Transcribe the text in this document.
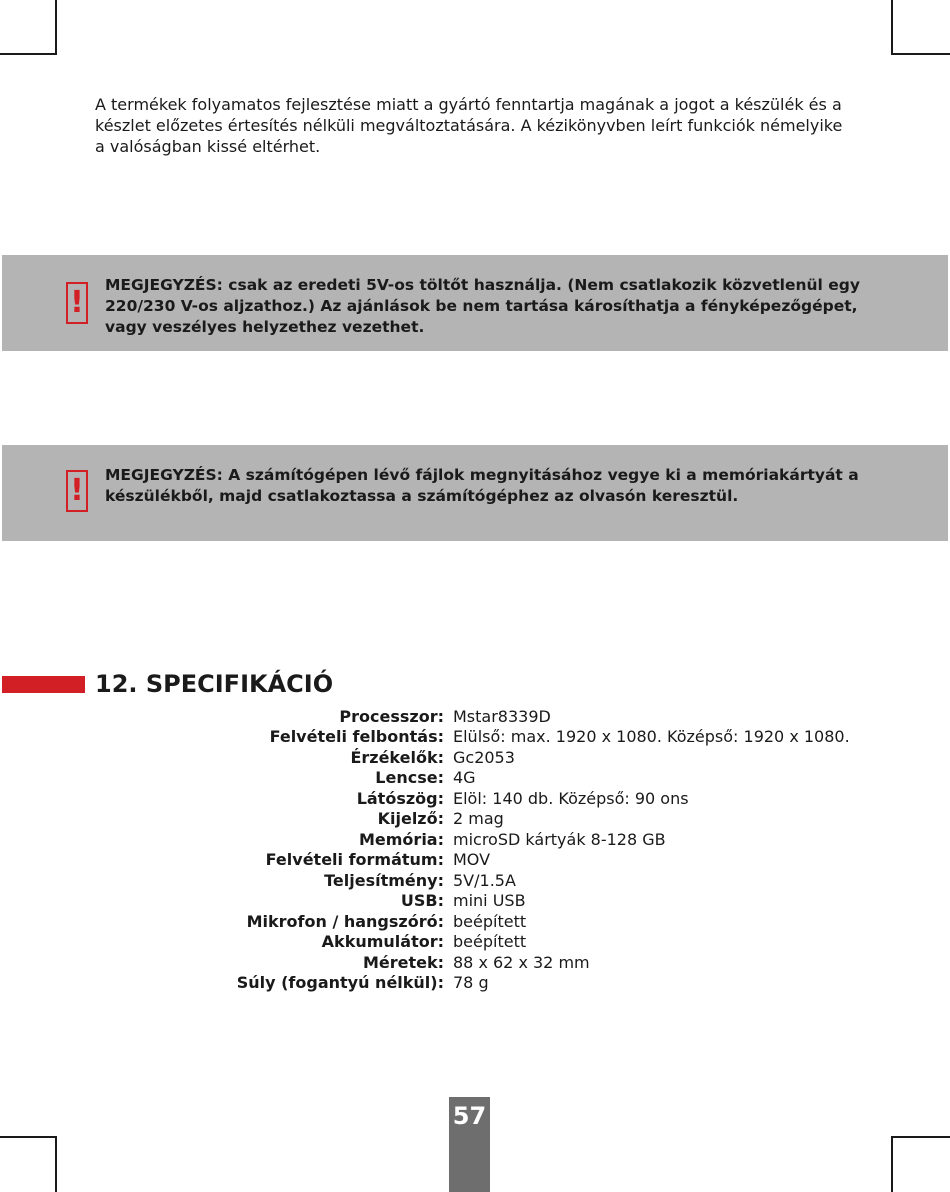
A termékek folyamatos fejlesztése miatt a gyártó fenntartja magának a jogot a készülék és a készlet előzetes értesítés nélküli megváltoztatására. A kézikönyvben leírt funkciók némelyike a valóságban kissé eltérhet.

! MEGJEGYZÉS: csak az eredeti 5V-os töltőt használja. (Nem csatlakozik közvetlenül egy 220/230 V-os aljzathoz.) Az ajánlások be nem tartása károsíthatja a fényképezőgépet, vagy veszélyes helyzethez vezethet.

! MEGJEGYZÉS: A számítógépen lévő fájlok megnyitásához vegye ki a memóriakártyát a készülékből, majd csatlakoztassa a számítógéphez az olvasón keresztül.

12. SPECIFIKÁCIÓ
Processzor: Mstar8339D
Felvételi felbontás: Elülső: max. 1920 x 1080. Középső: 1920 x 1080.
Érzékelők: Gc2053
Lencse: 4G
Látószög: Elöl: 140 db. Középső: 90 ons
Kijelző: 2 mag
Memória: microSD kártyák 8-128 GB
Felvételi formátum: MOV
Teljesítmény: 5V/1.5A
USB: mini USB
Mikrofon / hangszóró: beépített
Akkumulátor: beépített
Méretek: 88 x 62 x 32 mm
Súly (fogantyú nélkül): 78 g
57
